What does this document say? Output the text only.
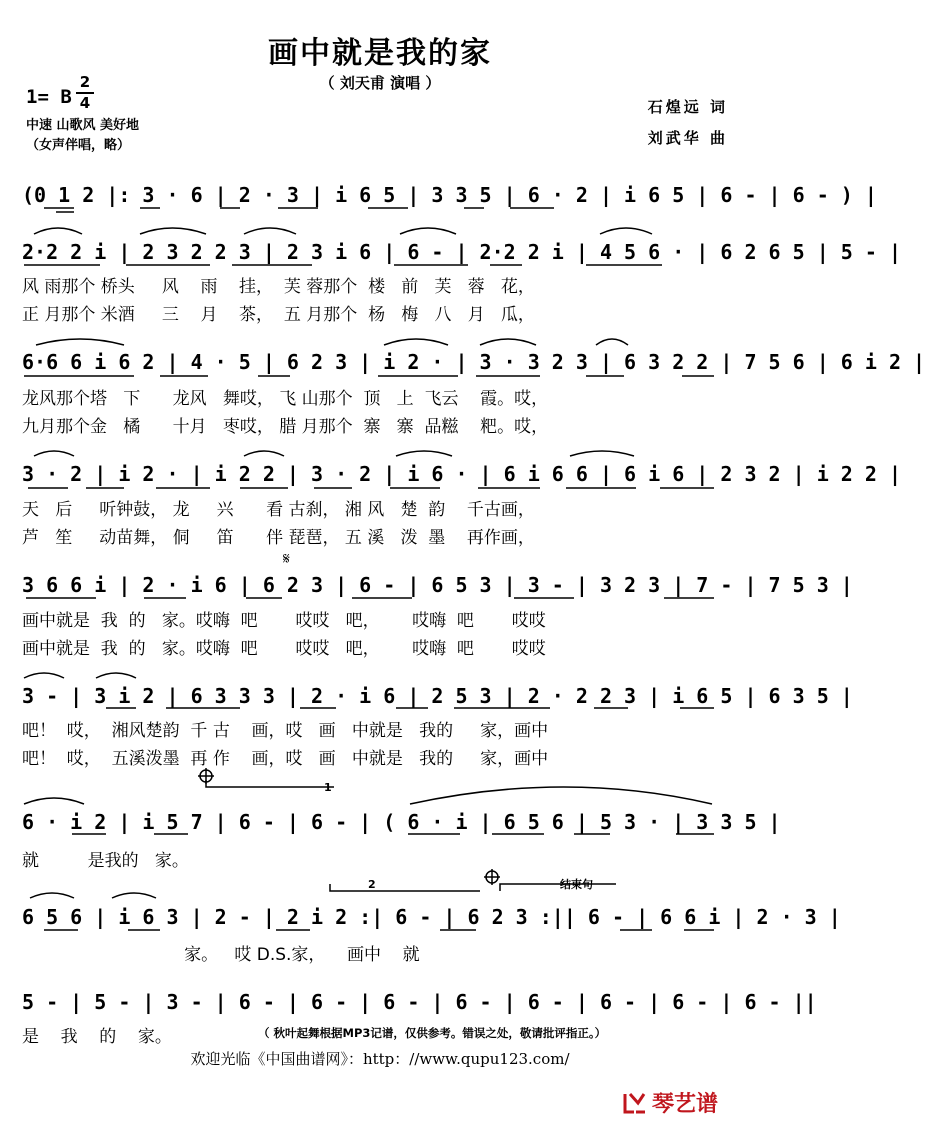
画中就是我的家
（ 刘天甫 演唱 ）
1= B
2
4
中速 山歌风 美好地
（女声伴唱，略）
石煌远 词
刘武华 曲
(0 1 2 |: 3 · 6 | 2 · 3 | i 6 5 | 3 3 5 | 6 · 2 | i 6 5 | 6 - | 6 - ) |
2·2 2 i | 2 3 2 2 3 | 2 3 i 6 | 6 - | 2·2 2 i | 4 5 6 · | 6 2 6 5 | 5 - |
风 雨那个 桥头     风    雨    挂，  芙 蓉那个  楼   前   芙   蓉   花，
正 月那个 米酒     三    月    茶，  五 月那个  杨   梅   八   月   瓜，
6·6 6 i 6 2 | 4 · 5 | 6 2 3 | i 2 · | 3 · 3 2 3 | 6 3 2 2 | 7 5 6 | 6 i 2 |
龙风那个塔   下      龙风   舞哎， 飞 山那个  顶   上  飞云    霞。哎，
九月那个金   橘      十月   枣哎， 腊 月那个  寨   寨  品糍    粑。哎，
3 · 2 | i 2 · | i 2 2 | 3 · 2 | i 6 · | 6 i 6 6 | 6 i 6 | 2 3 2 | i 2 2 |
天   后     听钟鼓， 龙     兴      看 古刹， 湘 风   楚  韵    千古画，
芦   笙     动苗舞， 侗     笛      伴 琵琶， 五 溪   泼  墨    再作画，
3 6 6 i | 2 · i 6 | 6 2 3 | 6 - | 6 5 3 | 3 - | 3 2 3 | 7 - | 7 5 3 |
画中就是  我  的   家。哎嗨  吧       哎哎   吧，      哎嗨  吧       哎哎
画中就是  我  的   家。哎嗨  吧       哎哎   吧，      哎嗨  吧       哎哎
3 - | 3 i 2 | 6 3 3 3 | 2 · i 6 | 2 5 3 | 2 · 2 2 3 | i 6 5 | 6 3 5 |
吧！  哎，  湘风楚韵  千 古    画，哎   画   中就是   我的     家，画中
吧！  哎，  五溪泼墨  再 作    画，哎   画   中就是   我的     家，画中
6 · i 2 | i 5 7 | 6 - | 6 - | ( 6 · i | 6 5 6 | 5 3 · | 3 3 5 |
就         是我的   家。
6 5 6 | i 6 3 | 2 - | 2 i 2 :| 6 - | 6 2 3 :|| 6 - | 6 6 i | 2 · 3 |
家。   哎 D.S.家，    画中    就
5 - | 5 - | 3 - | 6 - | 6 - | 6 - | 6 - | 6 - | 6 - | 6 - | 6 - ||
是    我    的    家。	（ 秋叶起舞根据MP3记谱，仅供参考。错误之处，敬请批评指正。）
欢迎光临《中国曲谱网》：http：//www.qupu123.com/
琴艺谱
𝄋
1
2	结束句
